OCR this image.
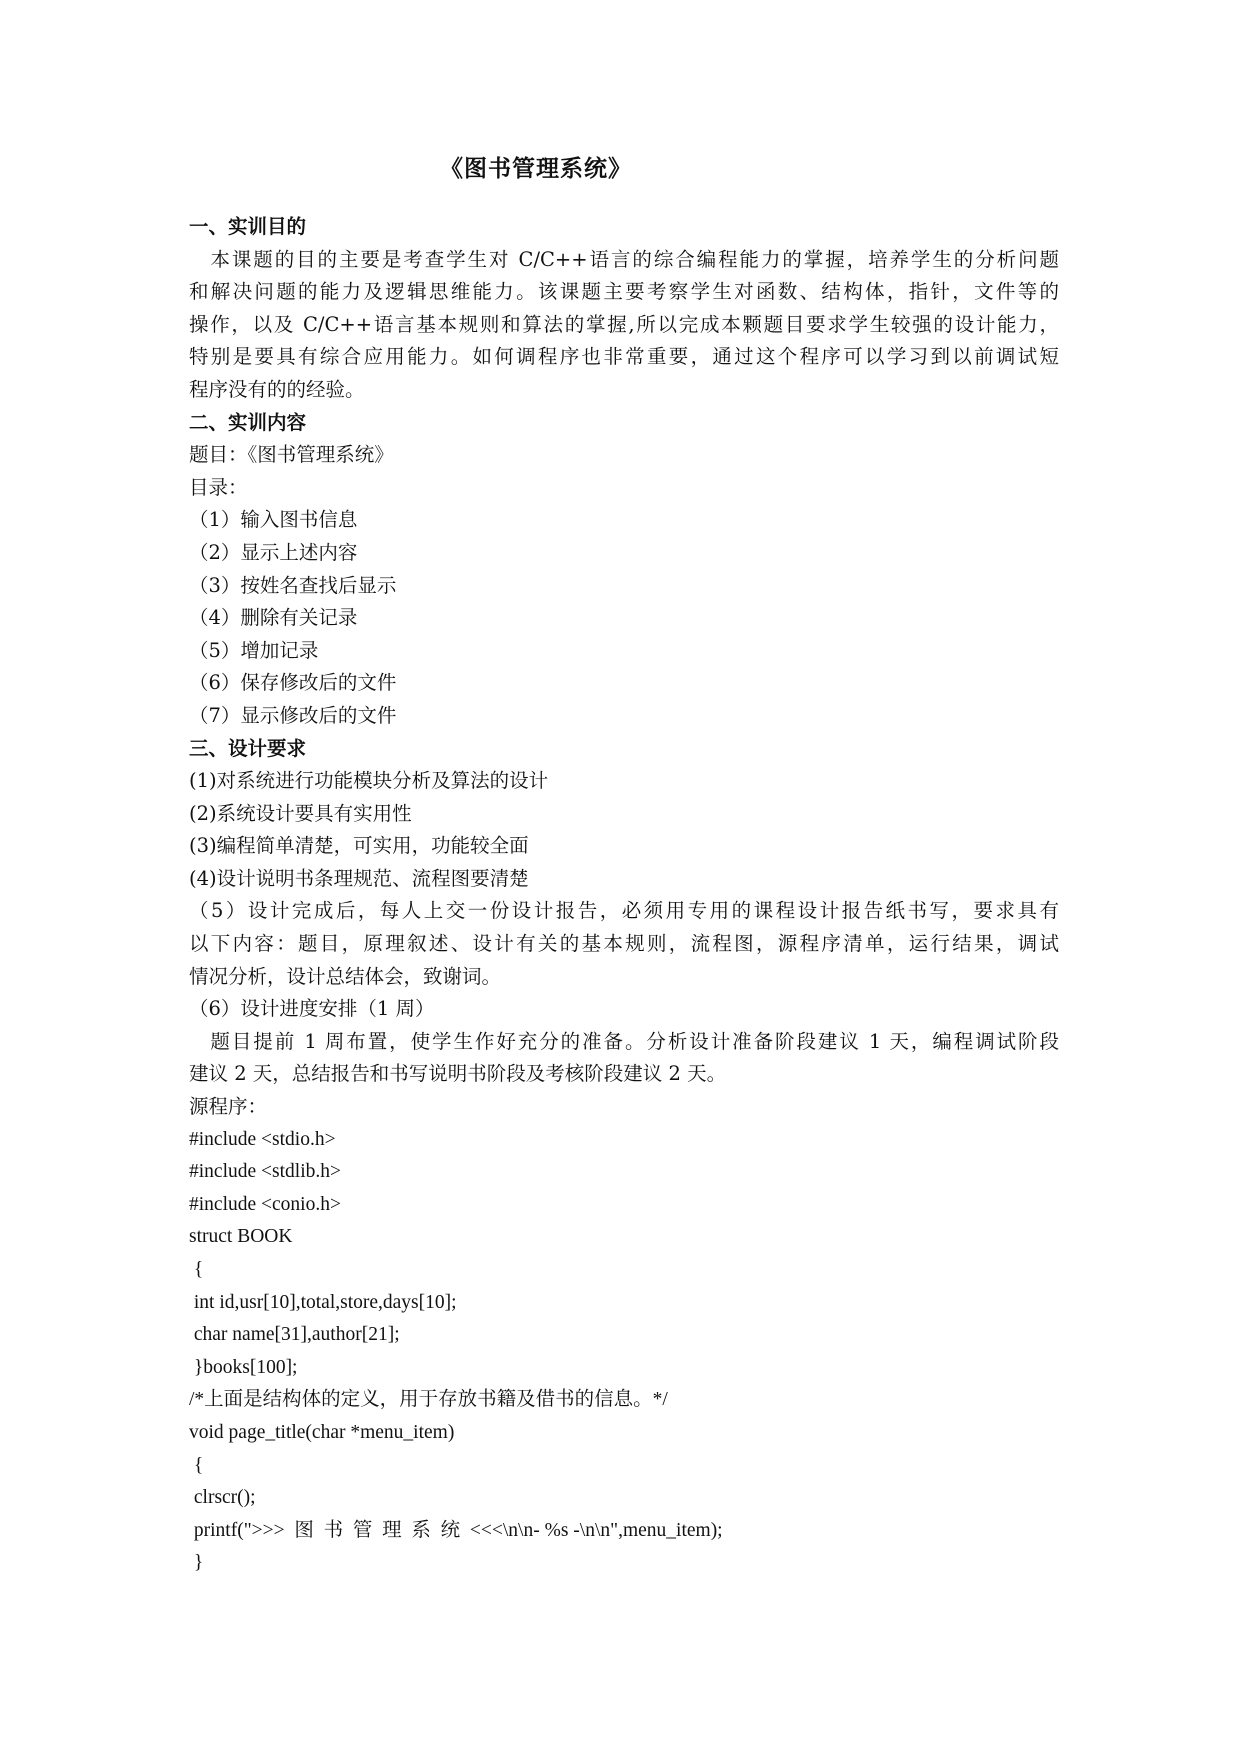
《图书管理系统》
一、实训目的
　本课题的目的主要是考查学生对 C/C++语言的综合编程能力的掌握，培养学生的分析问题
和解决问题的能力及逻辑思维能力。该课题主要考察学生对函数、结构体，指针，文件等的
操作，以及 C/C++语言基本规则和算法的掌握,所以完成本颗题目要求学生较强的设计能力，
特别是要具有综合应用能力。如何调程序也非常重要，通过这个程序可以学习到以前调试短
程序没有的的经验。
二、实训内容
题目：《图书管理系统》
目录：
（1）输入图书信息
（2）显示上述内容
（3）按姓名查找后显示
（4）删除有关记录
（5）增加记录
（6）保存修改后的文件
（7）显示修改后的文件
三、设计要求
(1)对系统进行功能模块分析及算法的设计
(2)系统设计要具有实用性
(3)编程简单清楚，可实用，功能较全面
(4)设计说明书条理规范、流程图要清楚
（5）设计完成后，每人上交一份设计报告，必须用专用的课程设计报告纸书写，要求具有
以下内容：题目，原理叙述、设计有关的基本规则，流程图，源程序清单，运行结果，调试
情况分析，设计总结体会，致谢词。
（6）设计进度安排（1 周）
　题目提前 1 周布置，使学生作好充分的准备。分析设计准备阶段建议 1 天，编程调试阶段
建议 2 天，总结报告和书写说明书阶段及考核阶段建议 2 天。
源程序：
#include <stdio.h>
#include <stdlib.h>
#include <conio.h>
struct BOOK
{
int id,usr[10],total,store,days[10];
char name[31],author[21];
}books[100];
/*上面是结构体的定义，用于存放书籍及借书的信息。*/
void page_title(char *menu_item)
{
clrscr();
printf(">>>  图  书  管  理  系  统  <<<\n\n- %s -\n\n",menu_item);
}
